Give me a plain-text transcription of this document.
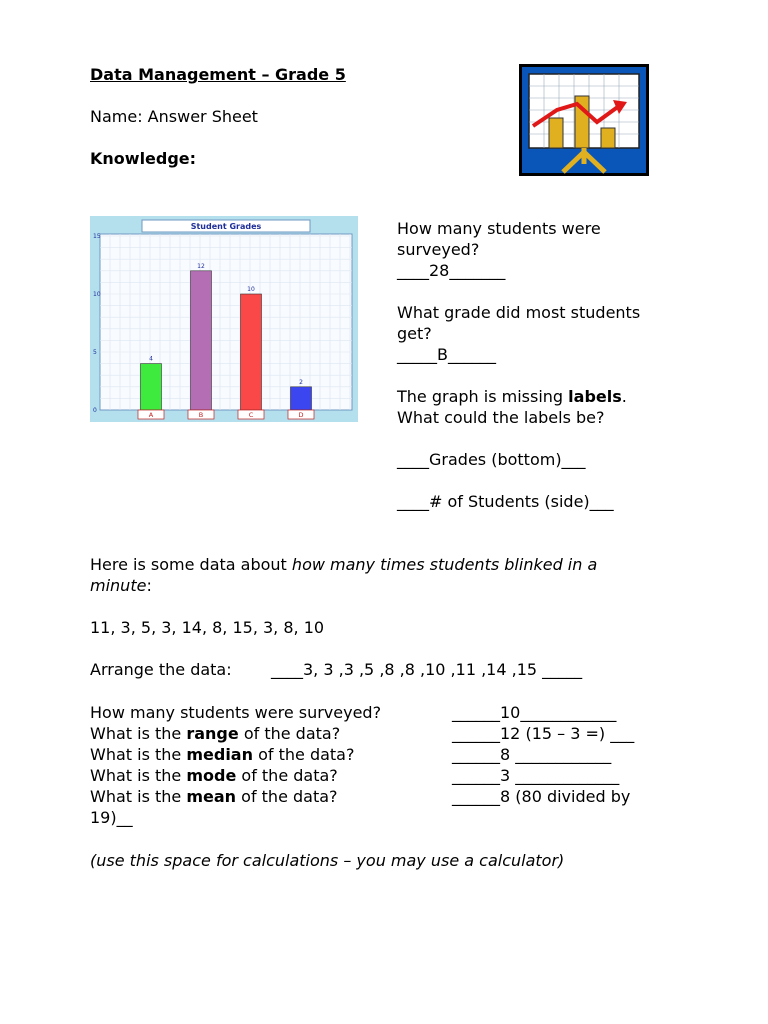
Data Management – Grade 5
Name: Answer Sheet
Knowledge:
Student Grades
0
5
10
15
4
A
12
B
10
C
2
D
How many students were
surveyed?
____28_______
What grade did most students
get?
_____B______
The graph is missing labels.
What could the labels be?
____Grades (bottom)___
____# of Students (side)___
Here is some data about how many times students blinked in a
minute:
11, 3, 5, 3, 14, 8, 15, 3, 8, 10
Arrange the data: ____3, 3 ,3 ,5 ,8 ,8 ,10 ,11 ,14 ,15 _____
How many students were surveyed?	______10____________
What is the range of the data?	______12 (15 – 3 =) ___
What is the median of the data?	______8 ____________
What is the mode of the data?	______3 _____________
What is the mean of the data?	______8 (80 divided by
19)__
(use this space for calculations – you may use a calculator)
